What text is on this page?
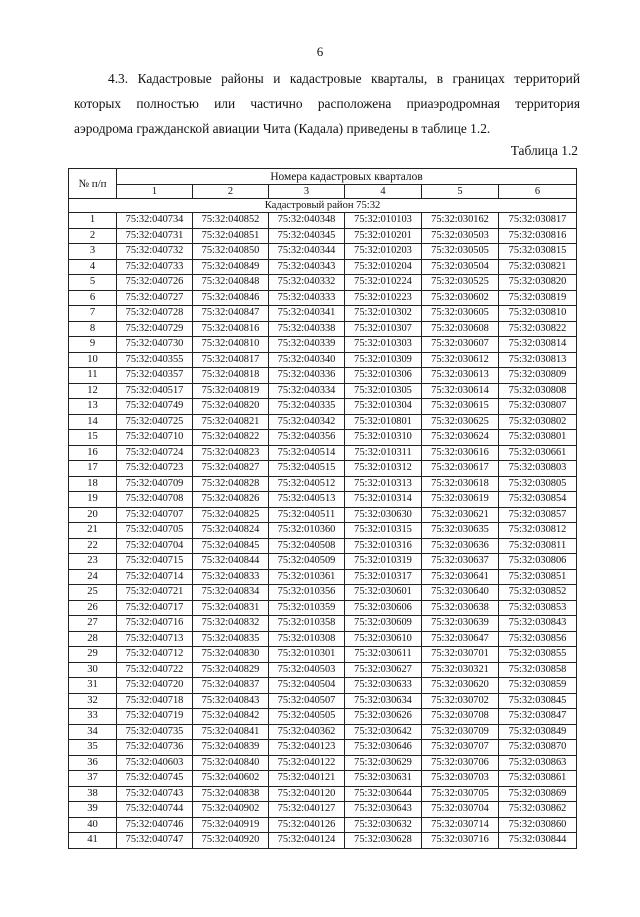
6
4.3. Кадастровые районы и кадастровые кварталы, в границах территорий
которых полностью или частично расположена приаэродромная территория
аэродрома гражданской авиации Чита (Кадала) приведены в таблице 1.2.
Таблица 1.2
№ п/п	Номера кадастровых кварталов					
	1	2	3	4	5	6
Кадастровый район 75:32						
1	75:32:040734	75:32:040852	75:32:040348	75:32:010103	75:32:030162	75:32:030817
2	75:32:040731	75:32:040851	75:32:040345	75:32:010201	75:32:030503	75:32:030816
3	75:32:040732	75:32:040850	75:32:040344	75:32:010203	75:32:030505	75:32:030815
4	75:32:040733	75:32:040849	75:32:040343	75:32:010204	75:32:030504	75:32:030821
5	75:32:040726	75:32:040848	75:32:040332	75:32:010224	75:32:030525	75:32:030820
6	75:32:040727	75:32:040846	75:32:040333	75:32:010223	75:32:030602	75:32:030819
7	75:32:040728	75:32:040847	75:32:040341	75:32:010302	75:32:030605	75:32:030810
8	75:32:040729	75:32:040816	75:32:040338	75:32:010307	75:32:030608	75:32:030822
9	75:32:040730	75:32:040810	75:32:040339	75:32:010303	75:32:030607	75:32:030814
10	75:32:040355	75:32:040817	75:32:040340	75:32:010309	75:32:030612	75:32:030813
11	75:32:040357	75:32:040818	75:32:040336	75:32:010306	75:32:030613	75:32:030809
12	75:32:040517	75:32:040819	75:32:040334	75:32:010305	75:32:030614	75:32:030808
13	75:32:040749	75:32:040820	75:32:040335	75:32:010304	75:32:030615	75:32:030807
14	75:32:040725	75:32:040821	75:32:040342	75:32:010801	75:32:030625	75:32:030802
15	75:32:040710	75:32:040822	75:32:040356	75:32:010310	75:32:030624	75:32:030801
16	75:32:040724	75:32:040823	75:32:040514	75:32:010311	75:32:030616	75:32:030661
17	75:32:040723	75:32:040827	75:32:040515	75:32:010312	75:32:030617	75:32:030803
18	75:32:040709	75:32:040828	75:32:040512	75:32:010313	75:32:030618	75:32:030805
19	75:32:040708	75:32:040826	75:32:040513	75:32:010314	75:32:030619	75:32:030854
20	75:32:040707	75:32:040825	75:32:040511	75:32:030630	75:32:030621	75:32:030857
21	75:32:040705	75:32:040824	75:32:010360	75:32:010315	75:32:030635	75:32:030812
22	75:32:040704	75:32:040845	75:32:040508	75:32:010316	75:32:030636	75:32:030811
23	75:32:040715	75:32:040844	75:32:040509	75:32:010319	75:32:030637	75:32:030806
24	75:32:040714	75:32:040833	75:32:010361	75:32:010317	75:32:030641	75:32:030851
25	75:32:040721	75:32:040834	75:32:010356	75:32:030601	75:32:030640	75:32:030852
26	75:32:040717	75:32:040831	75:32:010359	75:32:030606	75:32:030638	75:32:030853
27	75:32:040716	75:32:040832	75:32:010358	75:32:030609	75:32:030639	75:32:030843
28	75:32:040713	75:32:040835	75:32:010308	75:32:030610	75:32:030647	75:32:030856
29	75:32:040712	75:32:040830	75:32:010301	75:32:030611	75:32:030701	75:32:030855
30	75:32:040722	75:32:040829	75:32:040503	75:32:030627	75:32:030321	75:32:030858
31	75:32:040720	75:32:040837	75:32:040504	75:32:030633	75:32:030620	75:32:030859
32	75:32:040718	75:32:040843	75:32:040507	75:32:030634	75:32:030702	75:32:030845
33	75:32:040719	75:32:040842	75:32:040505	75:32:030626	75:32:030708	75:32:030847
34	75:32:040735	75:32:040841	75:32:040362	75:32:030642	75:32:030709	75:32:030849
35	75:32:040736	75:32:040839	75:32:040123	75:32:030646	75:32:030707	75:32:030870
36	75:32:040603	75:32:040840	75:32:040122	75:32:030629	75:32:030706	75:32:030863
37	75:32:040745	75:32:040602	75:32:040121	75:32:030631	75:32:030703	75:32:030861
38	75:32:040743	75:32:040838	75:32:040120	75:32:030644	75:32:030705	75:32:030869
39	75:32:040744	75:32:040902	75:32:040127	75:32:030643	75:32:030704	75:32:030862
40	75:32:040746	75:32:040919	75:32:040126	75:32:030632	75:32:030714	75:32:030860
41	75:32:040747	75:32:040920	75:32:040124	75:32:030628	75:32:030716	75:32:030844
